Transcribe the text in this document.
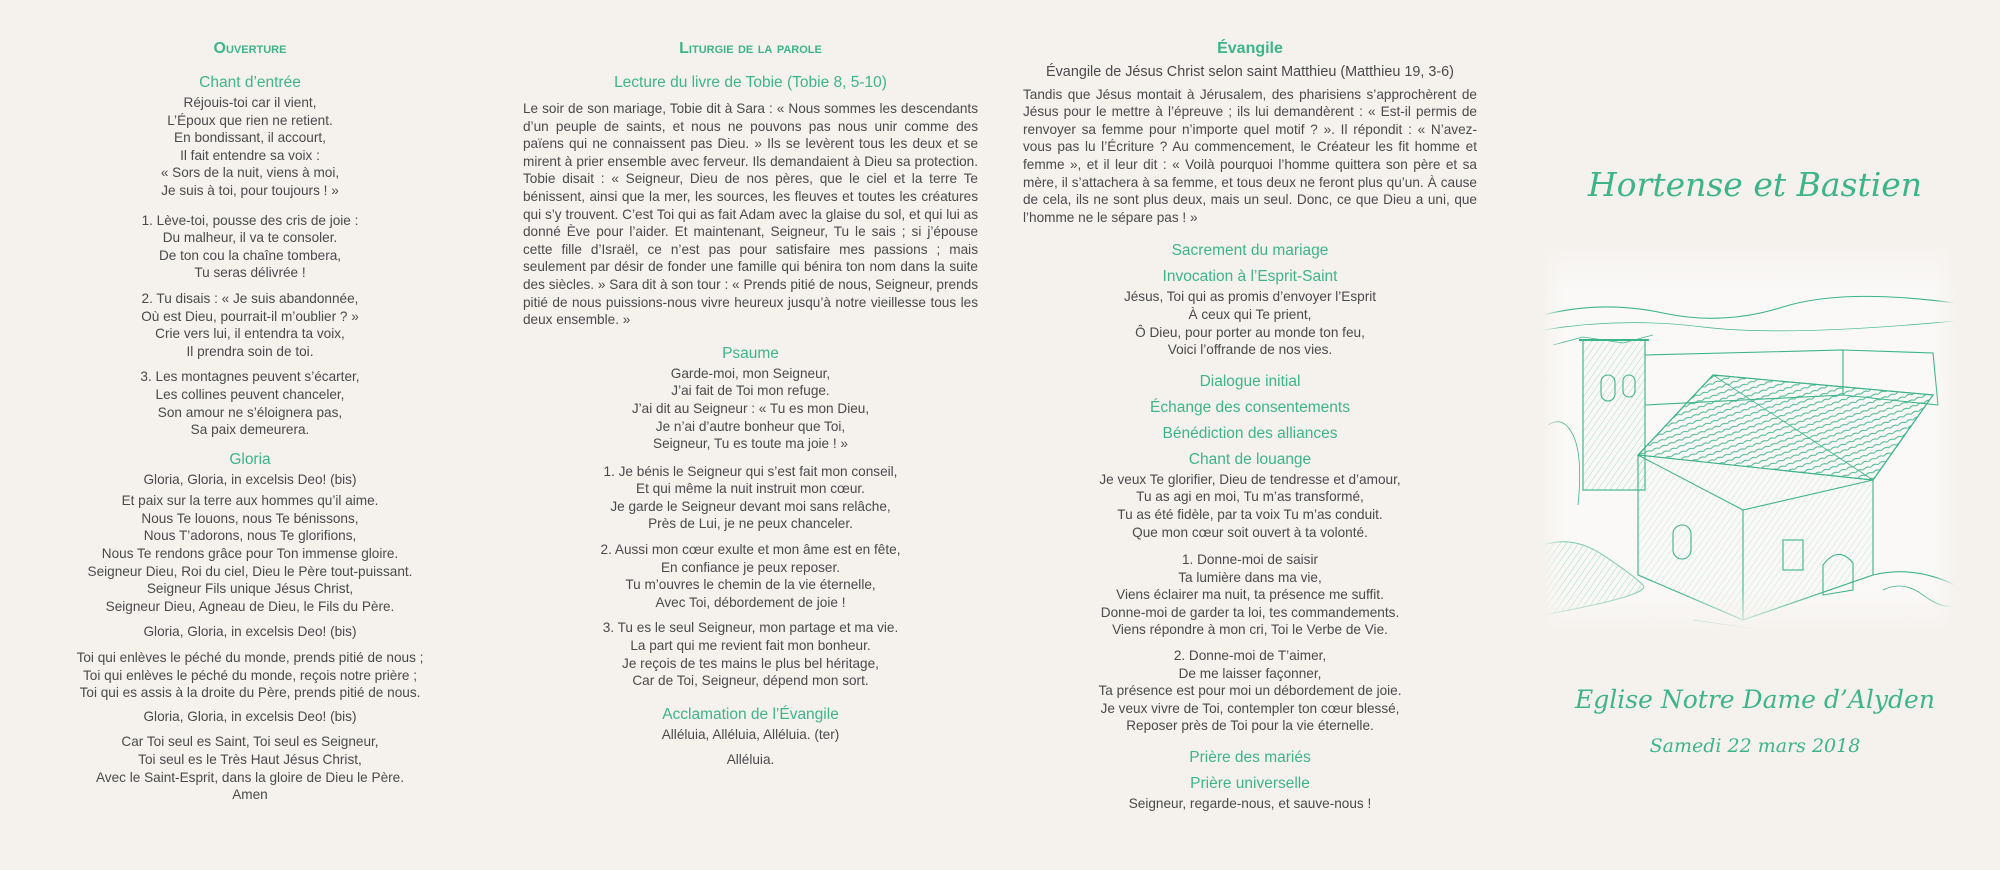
Ouverture
Chant d’entrée
Réjouis-toi car il vient,
L’Époux que rien ne retient.
En bondissant, il accourt,
Il fait entendre sa voix :
« Sors de la nuit, viens à moi,
Je suis à toi, pour toujours ! »
1. Lève-toi, pousse des cris de joie :
Du malheur, il va te consoler.
De ton cou la chaîne tombera,
Tu seras délivrée !
2. Tu disais : « Je suis abandonnée,
Où est Dieu, pourrait-il m’oublier ? »
Crie vers lui, il entendra ta voix,
Il prendra soin de toi.
3. Les montagnes peuvent s’écarter,
Les collines peuvent chanceler,
Son amour ne s’éloignera pas,
Sa paix demeurera.
Gloria
Gloria, Gloria, in excelsis Deo! (bis)
Et paix sur la terre aux hommes qu’il aime.
Nous Te louons, nous Te bénissons,
Nous T’adorons, nous Te glorifions,
Nous Te rendons grâce pour Ton immense gloire.
Seigneur Dieu, Roi du ciel, Dieu le Père tout-puissant.
Seigneur Fils unique Jésus Christ,
Seigneur Dieu, Agneau de Dieu, le Fils du Père.
Gloria, Gloria, in excelsis Deo! (bis)
Toi qui enlèves le péché du monde, prends pitié de nous ;
Toi qui enlèves le péché du monde, reçois notre prière ;
Toi qui es assis à la droite du Père, prends pitié de nous.
Gloria, Gloria, in excelsis Deo! (bis)
Car Toi seul es Saint, Toi seul es Seigneur,
Toi seul es le Très Haut Jésus Christ,
Avec le Saint-Esprit, dans la gloire de Dieu le Père.
Amen
Liturgie de la parole
Lecture du livre de Tobie (Tobie 8, 5-10)
Le soir de son mariage, Tobie dit à Sara : « Nous sommes les descendants d’un peuple de saints, et nous ne pouvons pas nous unir comme des païens qui ne connaissent pas Dieu. » Ils se levèrent tous les deux et se mirent à prier ensemble avec ferveur. Ils demandaient à Dieu sa protection. Tobie disait : « Seigneur, Dieu de nos pères, que le ciel et la terre Te bénissent, ainsi que la mer, les sources, les fleuves et toutes les créatures qui s’y trouvent. C’est Toi qui as fait Adam avec la glaise du sol, et qui lui as donné Ève pour l’aider. Et maintenant, Seigneur, Tu le sais ; si j’épouse cette fille d’Israël, ce n’est pas pour satisfaire mes passions ; mais seulement par désir de fonder une famille qui bénira ton nom dans la suite des siècles. » Sara dit à son tour : « Prends pitié de nous, Seigneur, prends pitié de nous puissions-nous vivre heureux jusqu’à notre vieillesse tous les deux ensemble. »
Psaume
Garde-moi, mon Seigneur,
J’ai fait de Toi mon refuge.
J’ai dit au Seigneur : « Tu es mon Dieu,
Je n’ai d’autre bonheur que Toi,
Seigneur, Tu es toute ma joie ! »
1. Je bénis le Seigneur qui s’est fait mon conseil,
Et qui même la nuit instruit mon cœur.
Je garde le Seigneur devant moi sans relâche,
Près de Lui, je ne peux chanceler.
2. Aussi mon cœur exulte et mon âme est en fête,
En confiance je peux reposer.
Tu m’ouvres le chemin de la vie éternelle,
Avec Toi, débordement de joie !
3. Tu es le seul Seigneur, mon partage et ma vie.
La part qui me revient fait mon bonheur.
Je reçois de tes mains le plus bel héritage,
Car de Toi, Seigneur, dépend mon sort.
Acclamation de l’Évangile
Alléluia, Alléluia, Alléluia. (ter)
Alléluia.
Évangile
Évangile de Jésus Christ selon saint Matthieu (Matthieu 19, 3-6)
Tandis que Jésus montait à Jérusalem, des pharisiens s’approchèrent de Jésus pour le mettre à l’épreuve ; ils lui demandèrent : « Est-il permis de renvoyer sa femme pour n’importe quel motif ? ». Il répondit : « N’avez-vous pas lu l’Écriture ? Au commencement, le Créateur les fit homme et femme », et il leur dit : « Voilà pourquoi l’homme quittera son père et sa mère, il s’attachera à sa femme, et tous deux ne feront plus qu’un. À cause de cela, ils ne sont plus deux, mais un seul. Donc, ce que Dieu a uni, que l’homme ne le sépare pas ! »
Sacrement du mariage
Invocation à l’Esprit-Saint
Jésus, Toi qui as promis d’envoyer l’Esprit
À ceux qui Te prient,
Ô Dieu, pour porter au monde ton feu,
Voici l’offrande de nos vies.
Dialogue initial
Échange des consentements
Bénédiction des alliances
Chant de louange
Je veux Te glorifier, Dieu de tendresse et d’amour,
Tu as agi en moi, Tu m’as transformé,
Tu as été fidèle, par ta voix Tu m’as conduit.
Que mon cœur soit ouvert à ta volonté.
1. Donne-moi de saisir
Ta lumière dans ma vie,
Viens éclairer ma nuit, ta présence me suffit.
Donne-moi de garder ta loi, tes commandements.
Viens répondre à mon cri, Toi le Verbe de Vie.
2. Donne-moi de T’aimer,
De me laisser façonner,
Ta présence est pour moi un débordement de joie.
Je veux vivre de Toi, contempler ton cœur blessé,
Reposer près de Toi pour la vie éternelle.
Prière des mariés
Prière universelle
Seigneur, regarde-nous, et sauve-nous !
Hortense et Bastien
Eglise Notre Dame d’Alyden
Samedi 22 mars 2018
